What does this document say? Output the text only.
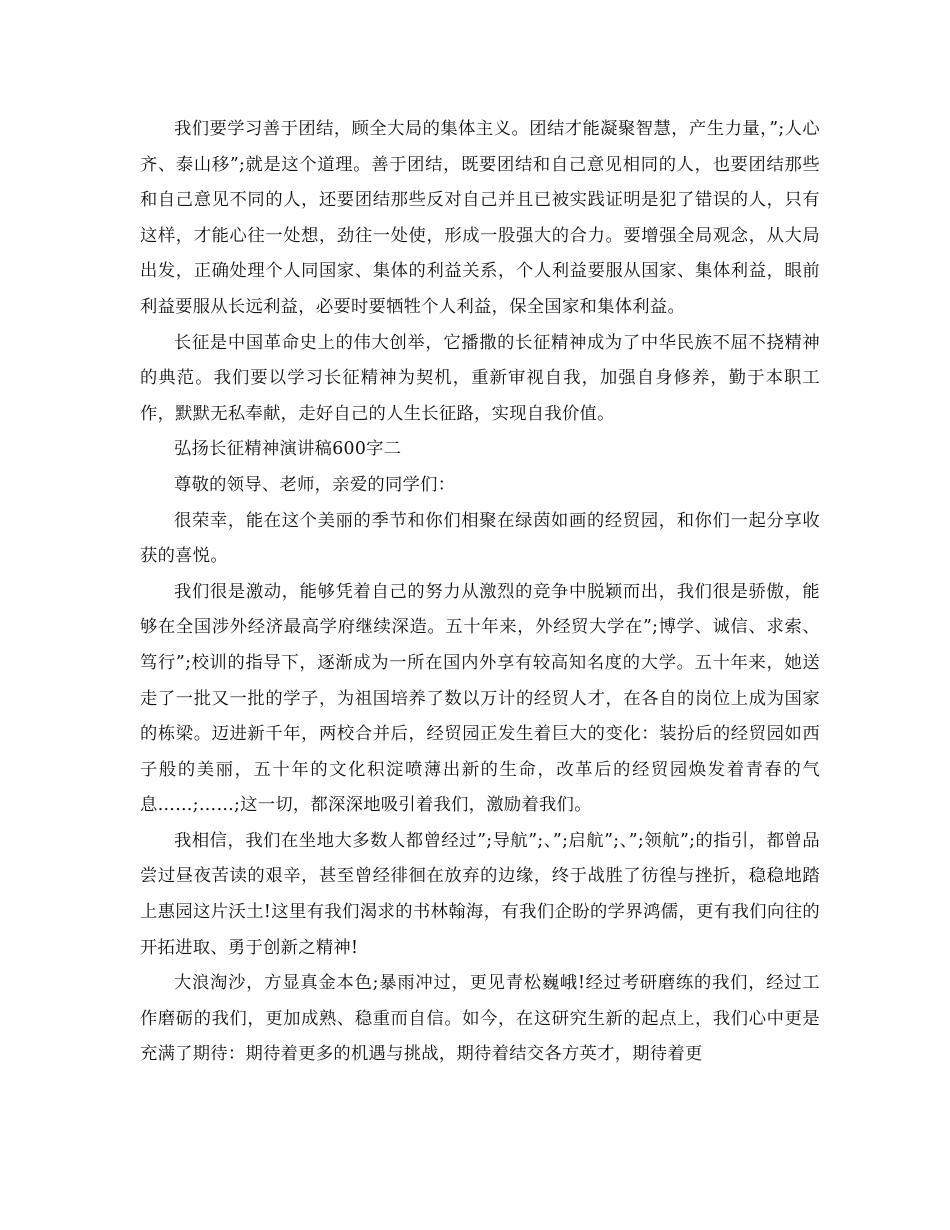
我们要学习善于团结，顾全大局的集体主义。团结才能凝聚智慧，产生力量，”;人心齐、泰山移”;就是这个道理。善于团结，既要团结和自己意见相同的人，也要团结那些和自己意见不同的人，还要团结那些反对自己并且已被实践证明是犯了错误的人，只有这样，才能心往一处想，劲往一处使，形成一股强大的合力。要增强全局观念，从大局出发，正确处理个人同国家、集体的利益关系，个人利益要服从国家、集体利益，眼前利益要服从长远利益，必要时要牺牲个人利益，保全国家和集体利益。

长征是中国革命史上的伟大创举，它播撒的长征精神成为了中华民族不屈不挠精神的典范。我们要以学习长征精神为契机，重新审视自我，加强自身修养，勤于本职工作，默默无私奉献，走好自己的人生长征路，实现自我价值。

弘扬长征精神演讲稿600字二

尊敬的领导、老师，亲爱的同学们：

很荣幸，能在这个美丽的季节和你们相聚在绿茵如画的经贸园，和你们一起分享收获的喜悦。

我们很是激动，能够凭着自己的努力从激烈的竞争中脱颖而出，我们很是骄傲，能够在全国涉外经济最高学府继续深造。五十年来，外经贸大学在”;博学、诚信、求索、笃行”;校训的指导下，逐渐成为一所在国内外享有较高知名度的大学。五十年来，她送走了一批又一批的学子，为祖国培养了数以万计的经贸人才，在各自的岗位上成为国家的栋梁。迈进新千年，两校合并后，经贸园正发生着巨大的变化：装扮后的经贸园如西子般的美丽，五十年的文化积淀喷薄出新的生命，改革后的经贸园焕发着青春的气息……;……;这一切，都深深地吸引着我们，激励着我们。

我相信，我们在坐地大多数人都曾经过”;导航”;、”;启航”;、”;领航”;的指引，都曾品尝过昼夜苦读的艰辛，甚至曾经徘徊在放弃的边缘，终于战胜了彷徨与挫折，稳稳地踏上惠园这片沃土!这里有我们渴求的书林翰海，有我们企盼的学界鸿儒，更有我们向往的开拓进取、勇于创新之精神!

大浪淘沙，方显真金本色;暴雨冲过，更见青松巍峨!经过考研磨练的我们，经过工作磨砺的我们，更加成熟、稳重而自信。如今，在这研究生新的起点上，我们心中更是充满了期待：期待着更多的机遇与挑战，期待着结交各方英才，期待着更
